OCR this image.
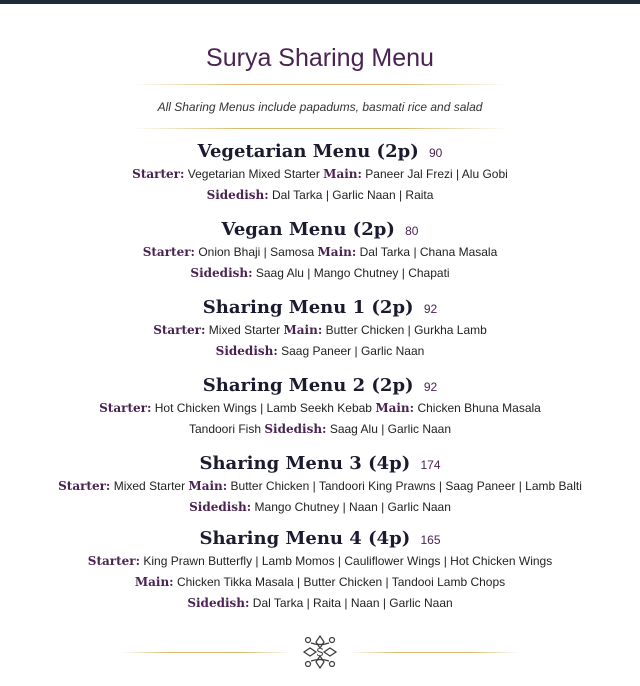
Surya Sharing Menu
All Sharing Menus include papadums, basmati rice and salad
Vegetarian Menu (2p) 90
Starter: Vegetarian Mixed Starter Main: Paneer Jal Frezi | Alu Gobi
Sidedish: Dal Tarka | Garlic Naan | Raita
Vegan Menu (2p) 80
Starter: Onion Bhaji | Samosa Main: Dal Tarka | Chana Masala
Sidedish: Saag Alu | Mango Chutney | Chapati
Sharing Menu 1 (2p) 92
Starter: Mixed Starter Main: Butter Chicken | Gurkha Lamb
Sidedish: Saag Paneer | Garlic Naan
Sharing Menu 2 (2p) 92
Starter: Hot Chicken Wings | Lamb Seekh Kebab Main: Chicken Bhuna Masala
Tandoori Fish Sidedish: Saag Alu | Garlic Naan
Sharing Menu 3 (4p) 174
Starter: Mixed Starter Main: Butter Chicken | Tandoori King Prawns | Saag Paneer | Lamb Balti
Sidedish: Mango Chutney | Naan | Garlic Naan
Sharing Menu 4 (4p) 165
Starter: King Prawn Butterfly | Lamb Momos | Cauliflower Wings | Hot Chicken Wings
Main: Chicken Tikka Masala | Butter Chicken | Tandooi Lamb Chops
Sidedish: Dal Tarka | Raita | Naan | Garlic Naan
S
